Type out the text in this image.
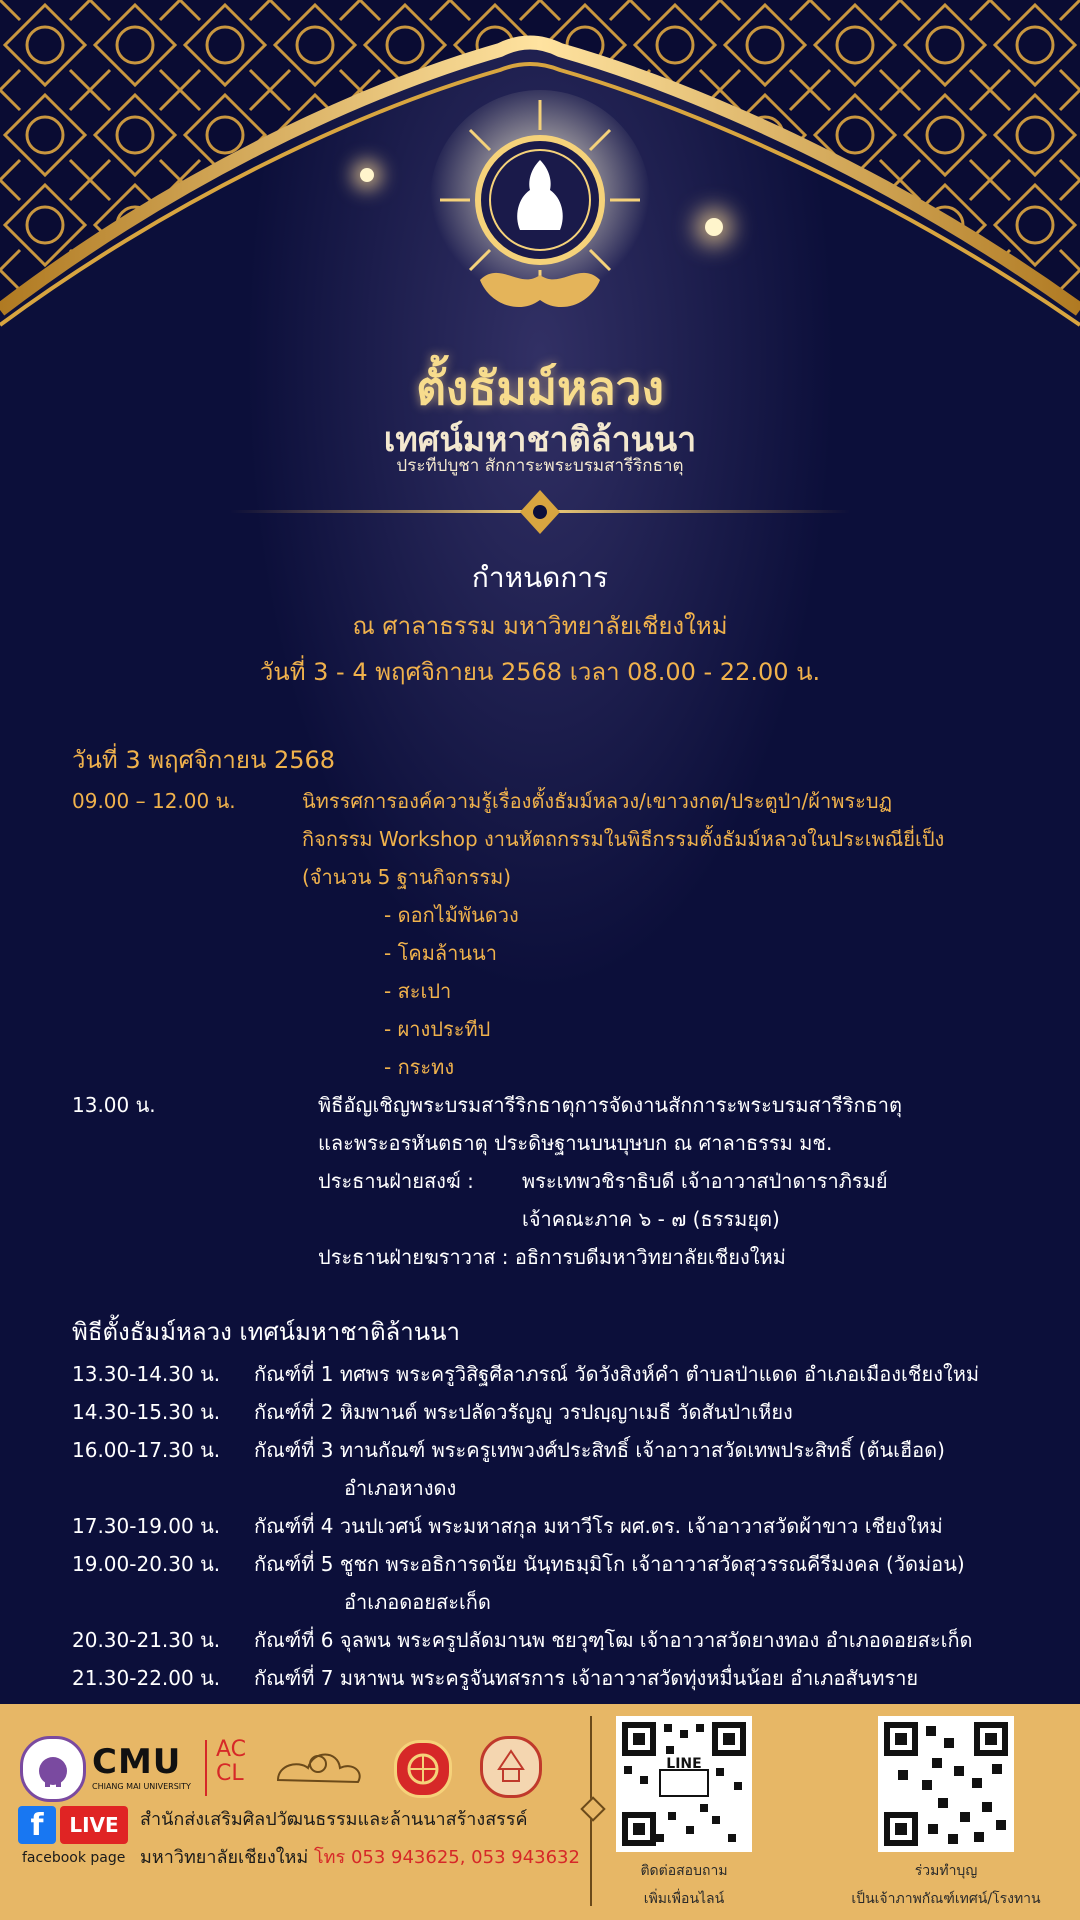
ตั้งธัมม์หลวง
เทศน์มหาชาติล้านนา
ประทีปบูชา สักการะพระบรมสารีริกธาตุ
กำหนดการ
ณ ศาลาธรรม มหาวิทยาลัยเชียงใหม่
วันที่ 3 - 4 พฤศจิกายน 2568 เวลา 08.00 - 22.00 น.
วันที่ 3 พฤศจิกายน 2568
09.00 – 12.00 น.	นิทรรศการองค์ความรู้เรื่องตั้งธัมม์หลวง/เขาวงกต/ประตูป่า/ผ้าพระบฏ
กิจกรรม Workshop งานหัตถกรรมในพิธีกรรมตั้งธัมม์หลวงในประเพณียี่เป็ง
(จำนวน 5 ฐานกิจกรรม)
- ดอกไม้พันดวง
- โคมล้านนา
- สะเปา
- ผางประทีป
- กระทง
13.00 น.	พิธีอัญเชิญพระบรมสารีริกธาตุการจัดงานสักการะพระบรมสารีริกธาตุ
และพระอรหันตธาตุ ประดิษฐานบนบุษบก ณ ศาลาธรรม มช.
ประธานฝ่ายสงฆ์ : พระเทพวชิราธิบดี เจ้าอาวาสป่าดาราภิรมย์
เจ้าคณะภาค ๖ - ๗ (ธรรมยุต)
ประธานฝ่ายฆราวาส : อธิการบดีมหาวิทยาลัยเชียงใหม่
พิธีตั้งธัมม์หลวง เทศน์มหาชาติล้านนา
13.30-14.30 น. กัณฑ์ที่ 1 ทศพร พระครูวิสิฐศีลาภรณ์ วัดวังสิงห์คำ ตำบลป่าแดด อำเภอเมืองเชียงใหม่
14.30-15.30 น. กัณฑ์ที่ 2 หิมพานต์ พระปลัดวรัญญู วรปญฺญาเมธี วัดสันป่าเหียง
16.00-17.30 น. กัณฑ์ที่ 3 ทานกัณฑ์ พระครูเทพวงศ์ประสิทธิ์ เจ้าอาวาสวัดเทพประสิทธิ์ (ต้นเฮือด)
อำเภอหางดง
17.30-19.00 น. กัณฑ์ที่ 4 วนปเวศน์ พระมหาสกุล มหาวีโร ผศ.ดร. เจ้าอาวาสวัดผ้าขาว เชียงใหม่
19.00-20.30 น. กัณฑ์ที่ 5 ชูชก พระอธิการดนัย นันฺทธมฺมิโก เจ้าอาวาสวัดสุวรรณคีรีมงคล (วัดม่อน)
อำเภอดอยสะเก็ด
20.30-21.30 น. กัณฑ์ที่ 6 จุลพน พระครูปลัดมานพ ชยวุฑฺโฒ เจ้าอาวาสวัดยางทอง อำเภอดอยสะเก็ด
21.30-22.00 น. กัณฑ์ที่ 7 มหาพน พระครูจันทสรการ เจ้าอาวาสวัดทุ่งหมื่นน้อย อำเภอสันทราย
CMU
CHIANG MAI UNIVERSITY
AC
CL
f	LIVE
facebook page
สำนักส่งเสริมศิลปวัฒนธรรมและล้านนาสร้างสรรค์
มหาวิทยาลัยเชียงใหม่ โทร 053 943625, 053 943632
LINE
ติดต่อสอบถาม
เพิ่มเพื่อนไลน์
ร่วมทำบุญ
เป็นเจ้าภาพกัณฑ์เทศน์/โรงทาน
